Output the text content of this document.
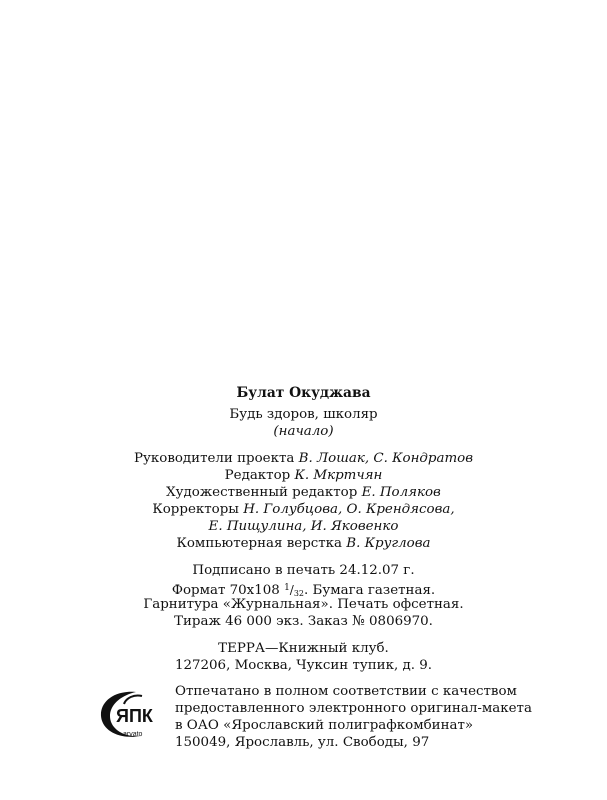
Булат Окуджава
Будь здоров, школяр
(начало)
Руководители проекта В. Лошак, С. Кондратов
Редактор К. Мкртчян
Художественный редактор Е. Поляков
Корректоры Н. Голубцова, О. Крендясова,
Е. Пищулина, И. Яковенко
Компьютерная верстка В. Круглова
Подписано в печать 24.12.07 г.
Формат 70х108 $^1/_{32}$. Бумага газетная.
Гарнитура «Журнальная». Печать офсетная.
Тираж 46 000 экз. Заказ № 0806970.
ТЕРРА—Книжный клуб.
127206, Москва, Чуксин тупик, д. 9.
ЯПК
arvato
Отпечатано в полном соответствии с качеством
предоставленного электронного оригинал-макета
в ОАО «Ярославский полиграфкомбинат»
150049, Ярославль, ул. Свободы, 97
